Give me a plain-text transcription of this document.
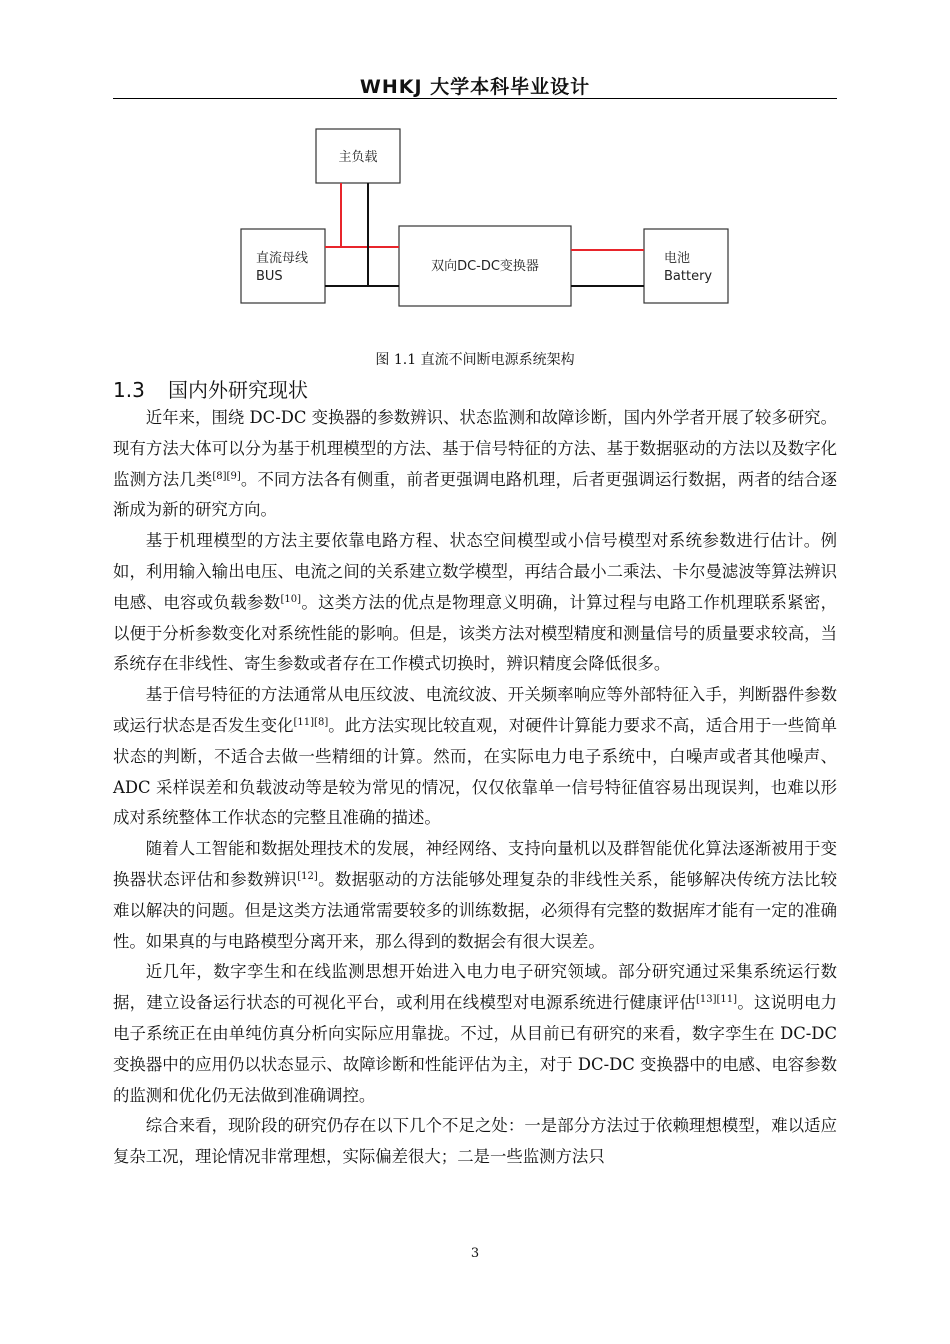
WHKJ 大学本科毕业设计
主负载
直流母线
BUS
双向DC-DC变换器
电池
Battery
图 1.1 直流不间断电源系统架构
1.3 国内外研究现状

近年来，围绕 DC-DC 变换器的参数辨识、状态监测和故障诊断，国内外学者开展了较多研究。现有方法大体可以分为基于机理模型的方法、基于信号特征的方法、基于数据驱动的方法以及数字化监测方法几类[8][9]。不同方法各有侧重，前者更强调电路机理，后者更强调运行数据，两者的结合逐渐成为新的研究方向。

基于机理模型的方法主要依靠电路方程、状态空间模型或小信号模型对系统参数进行估计。例如，利用输入输出电压、电流之间的关系建立数学模型，再结合最小二乘法、卡尔曼滤波等算法辨识电感、电容或负载参数[10]。这类方法的优点是物理意义明确，计算过程与电路工作机理联系紧密，以便于分析参数变化对系统性能的影响。但是，该类方法对模型精度和测量信号的质量要求较高，当系统存在非线性、寄生参数或者存在工作模式切换时，辨识精度会降低很多。

基于信号特征的方法通常从电压纹波、电流纹波、开关频率响应等外部特征入手，判断器件参数或运行状态是否发生变化[11][8]。此方法实现比较直观，对硬件计算能力要求不高，适合用于一些简单状态的判断，不适合去做一些精细的计算。然而，在实际电力电子系统中，白噪声或者其他噪声、ADC 采样误差和负载波动等是较为常见的情况，仅仅依靠单一信号特征值容易出现误判，也难以形成对系统整体工作状态的完整且准确的描述。

随着人工智能和数据处理技术的发展，神经网络、支持向量机以及群智能优化算法逐渐被用于变换器状态评估和参数辨识[12]。数据驱动的方法能够处理复杂的非线性关系，能够解决传统方法比较难以解决的问题。但是这类方法通常需要较多的训练数据，必须得有完整的数据库才能有一定的准确性。如果真的与电路模型分离开来，那么得到的数据会有很大误差。

近几年，数字孪生和在线监测思想开始进入电力电子研究领域。部分研究通过采集系统运行数据，建立设备运行状态的可视化平台，或利用在线模型对电源系统进行健康评估[13][11]。这说明电力电子系统正在由单纯仿真分析向实际应用靠拢。不过，从目前已有研究的来看，数字孪生在 DC-DC 变换器中的应用仍以状态显示、故障诊断和性能评估为主，对于 DC-DC 变换器中的电感、电容参数的监测和优化仍无法做到准确调控。

综合来看，现阶段的研究仍存在以下几个不足之处：一是部分方法过于依赖理想模型，难以适应复杂工况，理论情况非常理想，实际偏差很大；二是一些监测方法只

3
